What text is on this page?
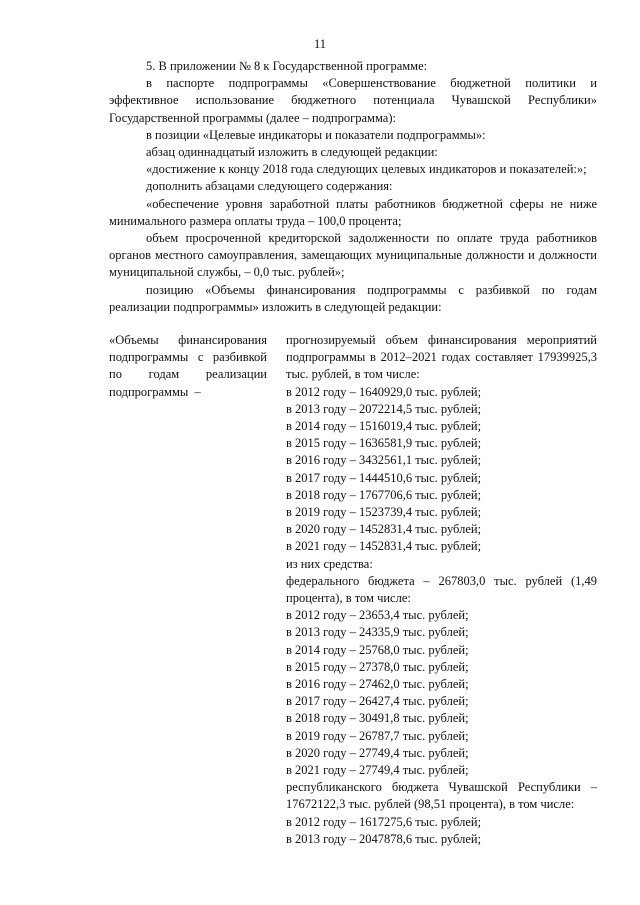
11

5. В приложении № 8 к Государственной программе:

в паспорте подпрограммы «Совершенствование бюджетной политики и эффективное использование бюджетного потенциала Чувашской Республики» Государственной программы (далее – подпрограмма):

в позиции «Целевые индикаторы и показатели подпрограммы»:

абзац одиннадцатый изложить в следующей редакции:

«достижение к концу 2018 года следующих целевых индикаторов и показателей:»;

дополнить абзацами следующего содержания:

«обеспечение уровня заработной платы работников бюджетной сферы не ниже минимального размера оплаты труда – 100,0 процента;

объем просроченной кредиторской задолженности по оплате труда работников органов местного самоуправления, замещающих муниципальные должности и должности муниципальной службы, – 0,0 тыс. рублей»;

позицию «Объемы финансирования подпрограммы с разбивкой по годам реализации подпрограммы» изложить в следующей редакции:

«Объемы финансирования подпрограммы с разбивкой по годам реализации подпрограммы –

прогнозируемый объем финансирования мероприятий подпрограммы в 2012–2021 годах составляет 17939925,3 тыс. рублей, в том числе:

в 2012 году – 1640929,0 тыс. рублей;

в 2013 году – 2072214,5 тыс. рублей;

в 2014 году – 1516019,4 тыс. рублей;

в 2015 году – 1636581,9 тыс. рублей;

в 2016 году – 3432561,1 тыс. рублей;

в 2017 году – 1444510,6 тыс. рублей;

в 2018 году – 1767706,6 тыс. рублей;

в 2019 году – 1523739,4 тыс. рублей;

в 2020 году – 1452831,4 тыс. рублей;

в 2021 году – 1452831,4 тыс. рублей;

из них средства:

федерального бюджета – 267803,0 тыс. рублей (1,49 процента), в том числе:

в 2012 году – 23653,4 тыс. рублей;

в 2013 году – 24335,9 тыс. рублей;

в 2014 году – 25768,0 тыс. рублей;

в 2015 году – 27378,0 тыс. рублей;

в 2016 году – 27462,0 тыс. рублей;

в 2017 году – 26427,4 тыс. рублей;

в 2018 году – 30491,8 тыс. рублей;

в 2019 году – 26787,7 тыс. рублей;

в 2020 году – 27749,4 тыс. рублей;

в 2021 году – 27749,4 тыс. рублей;

республиканского бюджета Чувашской Республики – 17672122,3 тыс. рублей (98,51 процента), в том числе:

в 2012 году – 1617275,6 тыс. рублей;

в 2013 году – 2047878,6 тыс. рублей;
